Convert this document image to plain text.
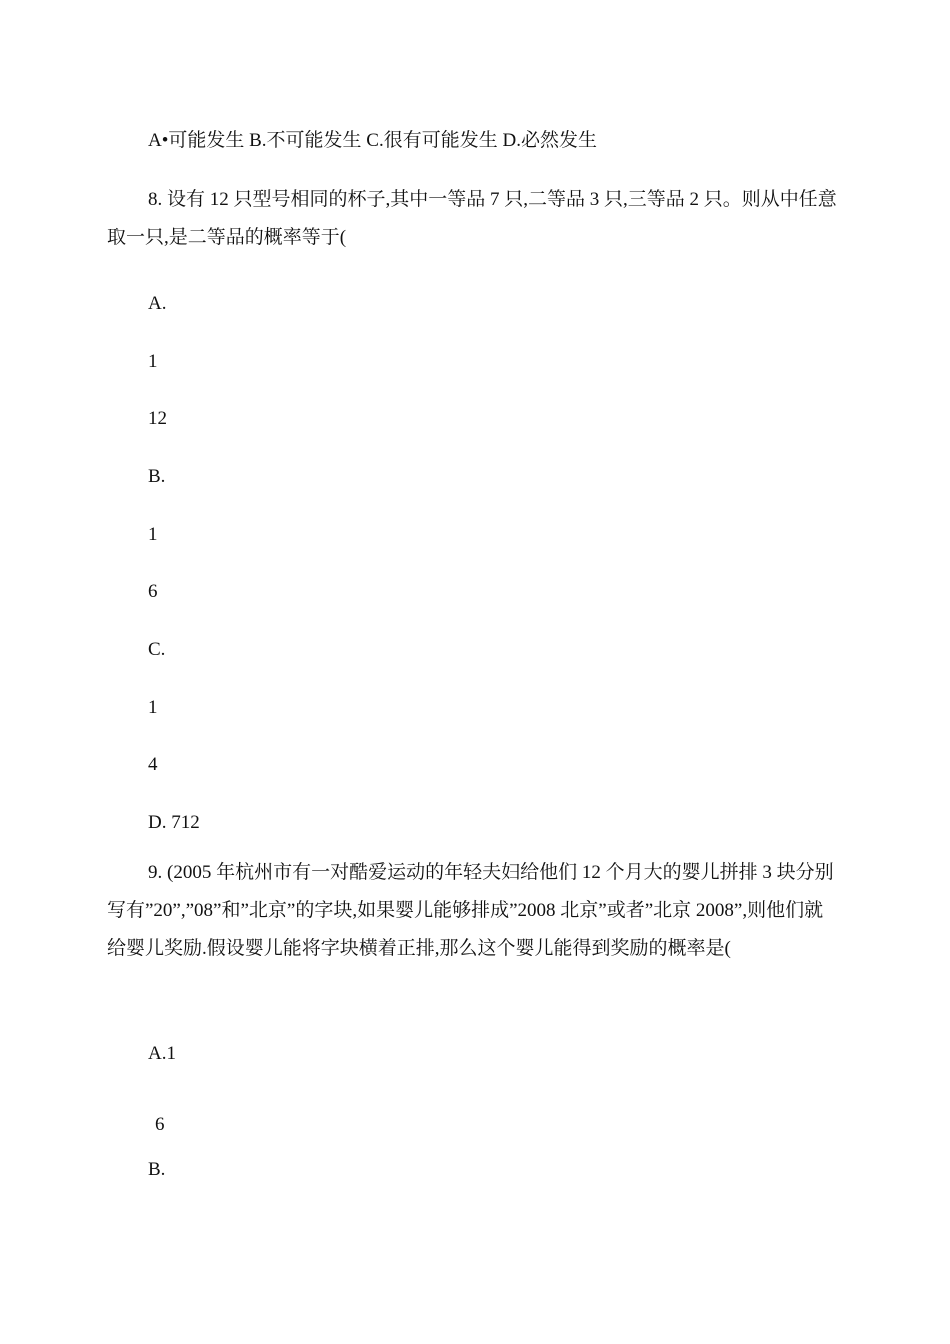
A•可能发生 B.不可能发生 C.很有可能发生 D.必然发生
8. 设有 12 只型号相同的杯子,其中一等品 7 只,二等品 3 只,三等品 2 只。则从中任意取一只,是二等品的概率等于(
A.
1
12
B.
1
6
C.
1
4
D. 712
9. (2005 年杭州市有一对酷爱运动的年轻夫妇给他们 12 个月大的婴儿拼排 3 块分别写有”20”,”08”和”北京”的字块,如果婴儿能够排成”2008 北京”或者”北京 2008”,则他们就给婴儿奖励.假设婴儿能将字块横着正排,那么这个婴儿能得到奖励的概率是(
A.1
6
B.
